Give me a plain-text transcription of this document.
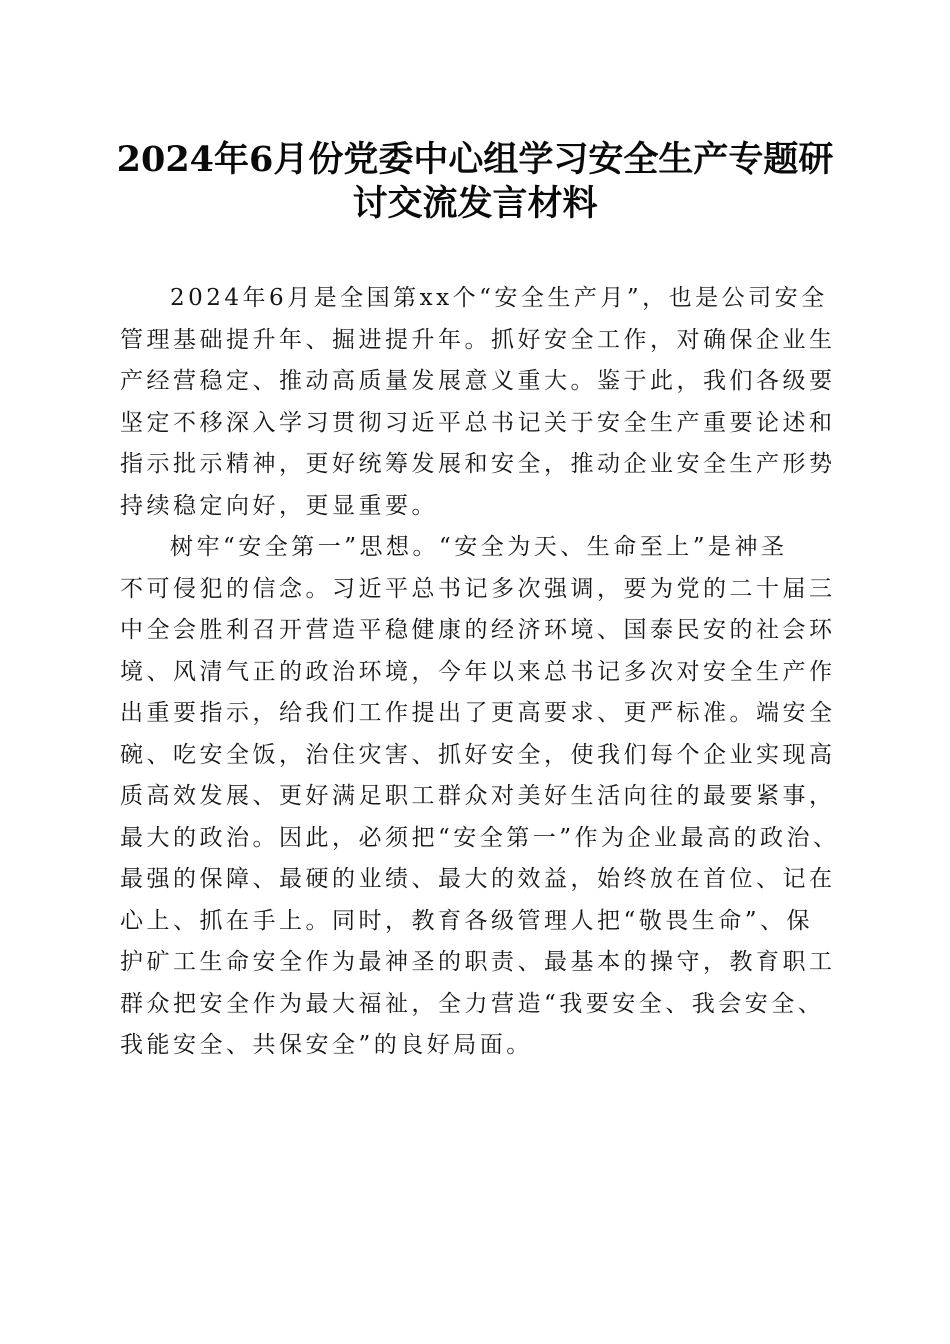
2024年6月份党委中心组学习安全生产专题研
讨交流发言材料

2024年6月是全国第xx个“安全生产月”，也是公司安全
管理基础提升年、掘进提升年。抓好安全工作，对确保企业生
产经营稳定、推动高质量发展意义重大。鉴于此，我们各级要
坚定不移深入学习贯彻习近平总书记关于安全生产重要论述和
指示批示精神，更好统筹发展和安全，推动企业安全生产形势
持续稳定向好，更显重要。

树牢“安全第一”思想。“安全为天、生命至上”是神圣
不可侵犯的信念。习近平总书记多次强调，要为党的二十届三
中全会胜利召开营造平稳健康的经济环境、国泰民安的社会环
境、风清气正的政治环境，今年以来总书记多次对安全生产作
出重要指示，给我们工作提出了更高要求、更严标准。端安全
碗、吃安全饭，治住灾害、抓好安全，使我们每个企业实现高
质高效发展、更好满足职工群众对美好生活向往的最要紧事，
最大的政治。因此，必须把“安全第一”作为企业最高的政治、
最强的保障、最硬的业绩、最大的效益，始终放在首位、记在
心上、抓在手上。同时，教育各级管理人把“敬畏生命”、保
护矿工生命安全作为最神圣的职责、最基本的操守，教育职工
群众把安全作为最大福祉，全力营造“我要安全、我会安全、
我能安全、共保安全”的良好局面。
